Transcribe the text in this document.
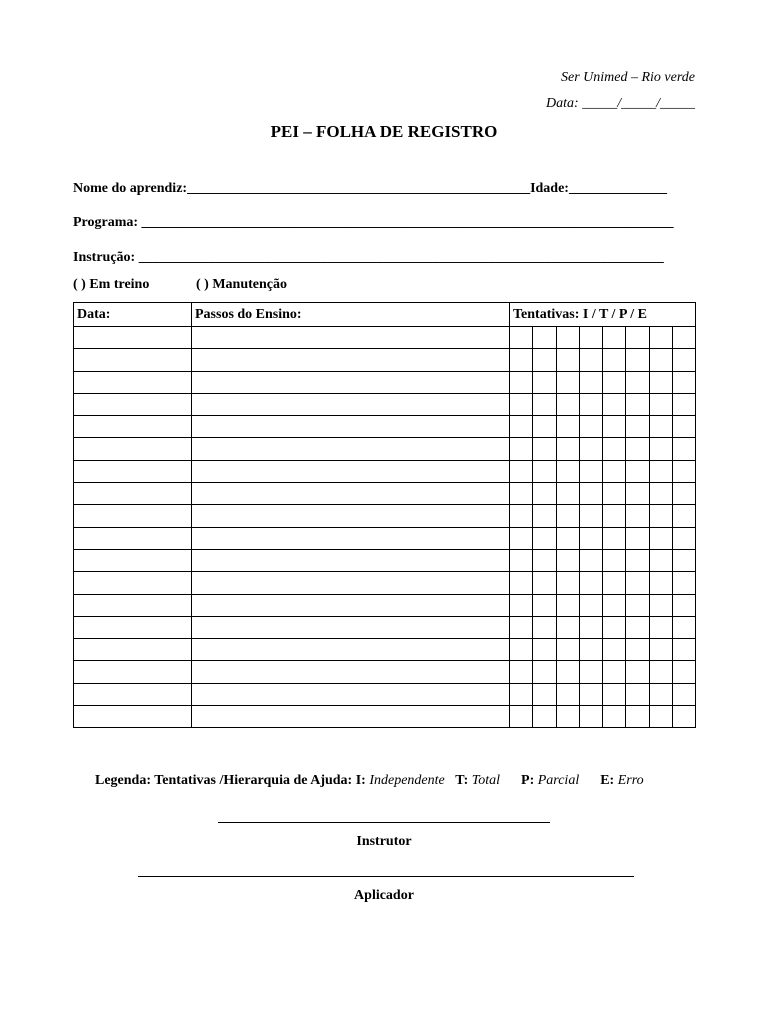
Ser Unimed – Rio verde
Data: _____/_____/_____
PEI – FOLHA DE REGISTRO
Nome do aprendiz:_________________________________________________Idade:______________
Programa: ____________________________________________________________________________
Instrução: ___________________________________________________________________________
( ) Em treino	( ) Manutenção
Data:	Passos do Ensino:	Tentativas: I / T / P / E							

Legenda: Tentativas /Hierarquia de Ajuda: I: Independente T: Total P: Parcial E: Erro
Instrutor
Aplicador
